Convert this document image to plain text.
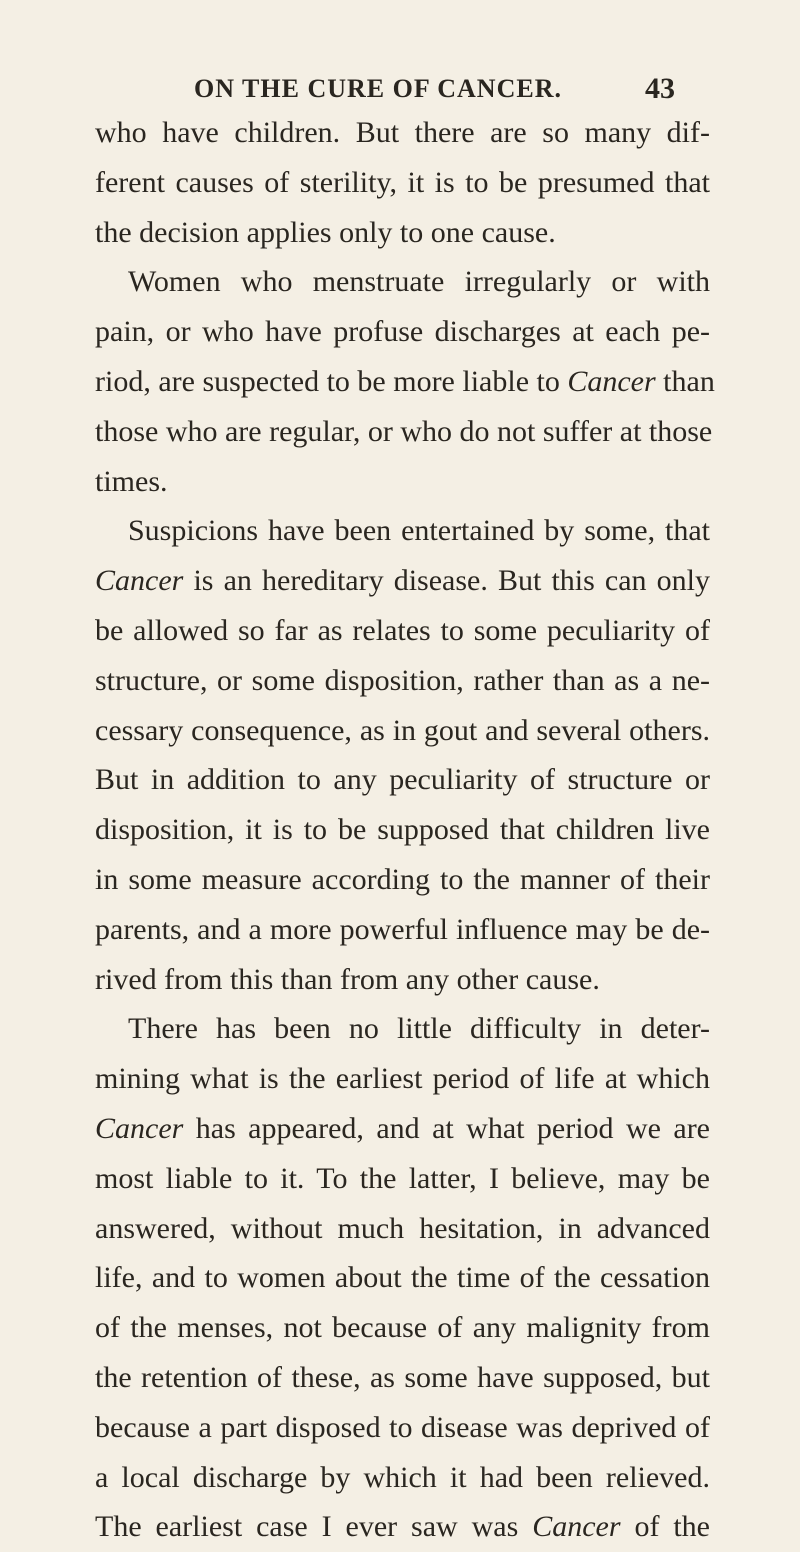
ON THE CURE OF CANCER.	43
who have children. But there are so many dif-
ferent causes of sterility, it is to be presumed that
the decision applies only to one cause.
Women who menstruate irregularly or with
pain, or who have profuse discharges at each pe-
riod, are suspected to be more liable to Cancer than
those who are regular, or who do not suffer at those
times.
Suspicions have been entertained by some, that
Cancer is an hereditary disease. But this can only
be allowed so far as relates to some peculiarity of
structure, or some disposition, rather than as a ne-
cessary consequence, as in gout and several others.
But in addition to any peculiarity of structure or
disposition, it is to be supposed that children live
in some measure according to the manner of their
parents, and a more powerful influence may be de-
rived from this than from any other cause.
There has been no little difficulty in deter-
mining what is the earliest period of life at which
Cancer has appeared, and at what period we are
most liable to it. To the latter, I believe, may be
answered, without much hesitation, in advanced
life, and to women about the time of the cessation
of the menses, not because of any malignity from
the retention of these, as some have supposed, but
because a part disposed to disease was deprived of
a local discharge by which it had been relieved.
The earliest case I ever saw was Cancer of the
